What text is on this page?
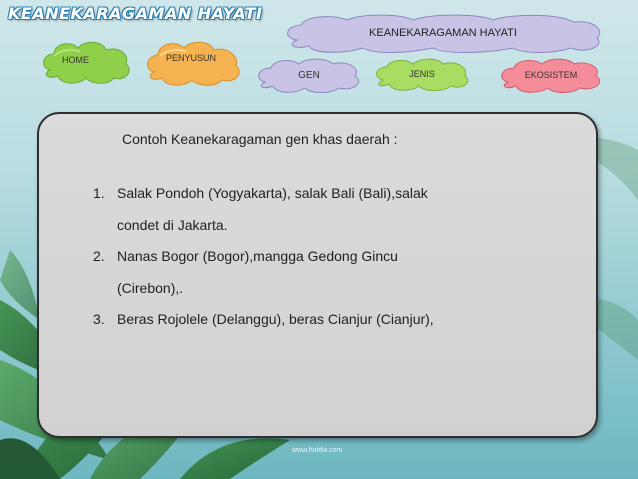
KEANEKARAGAMAN HAYATI
HOME	PENYUSUN
KEANEKARAGAMAN HAYATI
GEN	JENIS	EKOSISTEM
Contoh Keanekaragaman gen khas daerah :
1. Salak Pondoh (Yogyakarta), salak Bali (Bali),salak
condet di Jakarta.
2. Nanas Bogor (Bogor),mangga Gedong Gincu
(Cirebon),.
3. Beras Rojolele (Delanggu), beras Cianjur (Cianjur),
www.hotdw.com
